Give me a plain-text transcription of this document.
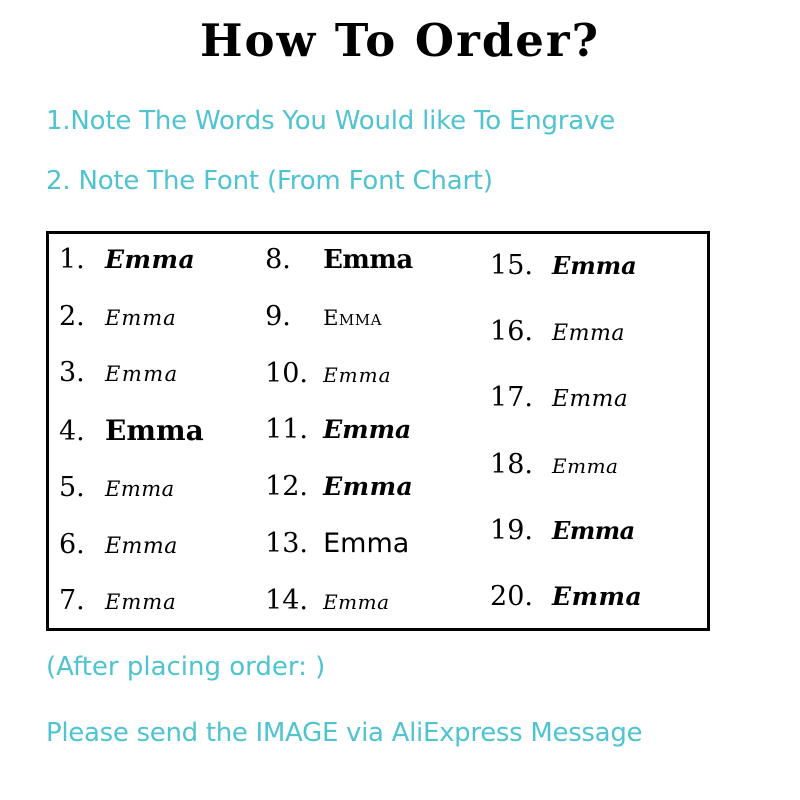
How To Order?

1.Note The Words You Would like To Engrave

2. Note The Font (From Font Chart)

1. Emma
2. Emma
3. Emma
4. Emma
5. Emma
6. Emma
7. Emma
8.	Emma
9.	Emma
10. Emma
11. Emma
12. Emma
13. Emma
14. Emma
15. Emma
16. Emma
17. Emma
18. Emma
19. Emma
20. Emma
(After placing order: )
Please send the IMAGE via AliExpress Message
